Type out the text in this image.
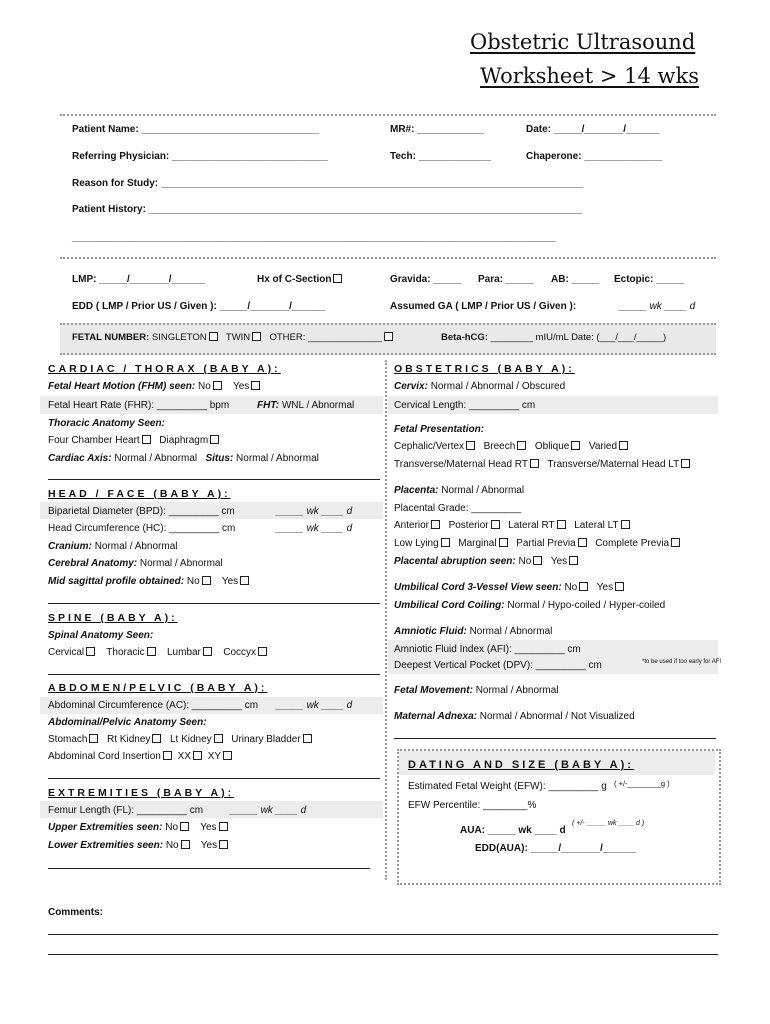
Obstetric Ultrasound
Worksheet > 14 wks
Patient Name: ________________________________	MR#: ____________	Date: _____/_______/______
Referring Physician: ____________________________	Tech: _____________	Chaperone: ______________
Reason for Study: ____________________________________________________________________________
Patient History: ______________________________________________________________________________
_______________________________________________________________________________________
LMP: _____/_______/______	Hx of C-Section	Gravida: _____ Para: _____ AB: _____ Ectopic: _____
EDD ( LMP / Prior US / Given ): _____/_______/______	Assumed GA ( LMP / Prior US / Given ):	_____ wk ____ d
FETAL NUMBER: SINGLETON TWIN OTHER: ______________	Beta-hCG: ________ mIU/mL Date: (___/___/_____)
CARDIAC / THORAX (BABY A):
Fetal Heart Motion (FHM) seen: No Yes
Fetal Heart Rate (FHR): _________ bpm	FHT: WNL / Abnormal
Thoracic Anatomy Seen:
Four Chamber Heart Diaphragm
Cardiac Axis: Normal / Abnormal Situs: Normal / Abnormal
HEAD / FACE (BABY A):
Biparietal Diameter (BPD): _________ cm	_____ wk ____ d
Head Circumference (HC): _________ cm	_____ wk ____ d
Cranium: Normal / Abnormal
Cerebral Anatomy: Normal / Abnormal
Mid sagittal profile obtained: No Yes
SPINE (BABY A):
Spinal Anatomy Seen:
Cervical Thoracic Lumbar Coccyx
ABDOMEN/PELVIC (BABY A):
Abdominal Circumference (AC): _________ cm _____ wk ____ d
Abdominal/Pelvic Anatomy Seen:
Stomach Rt Kidney Lt Kidney Urinary Bladder
Abdominal Cord Insertion XX XY
EXTREMITIES (BABY A):
Femur Length (FL): _________ cm	_____ wk ____ d
Upper Extremities seen: No Yes
Lower Extremities seen: No Yes
OBSTETRICS (BABY A):
Cervix: Normal / Abnormal / Obscured
Cervical Length: _________ cm
Fetal Presentation:
Cephalic/Vertex Breech Oblique Varied
Transverse/Maternal Head RT Transverse/Maternal Head LT
Placenta: Normal / Abnormal
Placental Grade: _________
Anterior Posterior Lateral RT Lateral LT
Low Lying Marginal Partial Previa Complete Previa
Placental abruption seen: No Yes
Umbilical Cord 3-Vessel View seen: No Yes
Umbilical Cord Coiling: Normal / Hypo-coiled / Hyper-coiled
Amniotic Fluid: Normal / Abnormal
Amniotic Fluid Index (AFI): _________ cm
Deepest Vertical Pocket (DPV): _________ cm	*to be used if too early for AFI
Fetal Movement: Normal / Abnormal
Maternal Adnexa: Normal / Abnormal / Not Visualized
DATING AND SIZE (BABY A):
Estimated Fetal Weight (EFW): _________ g ( +/-________g )
EFW Percentile: ________%
AUA: _____ wk ____ d
( +/- _____ wk ____ d )
EDD(AUA): _____/_______/______
Comments:
